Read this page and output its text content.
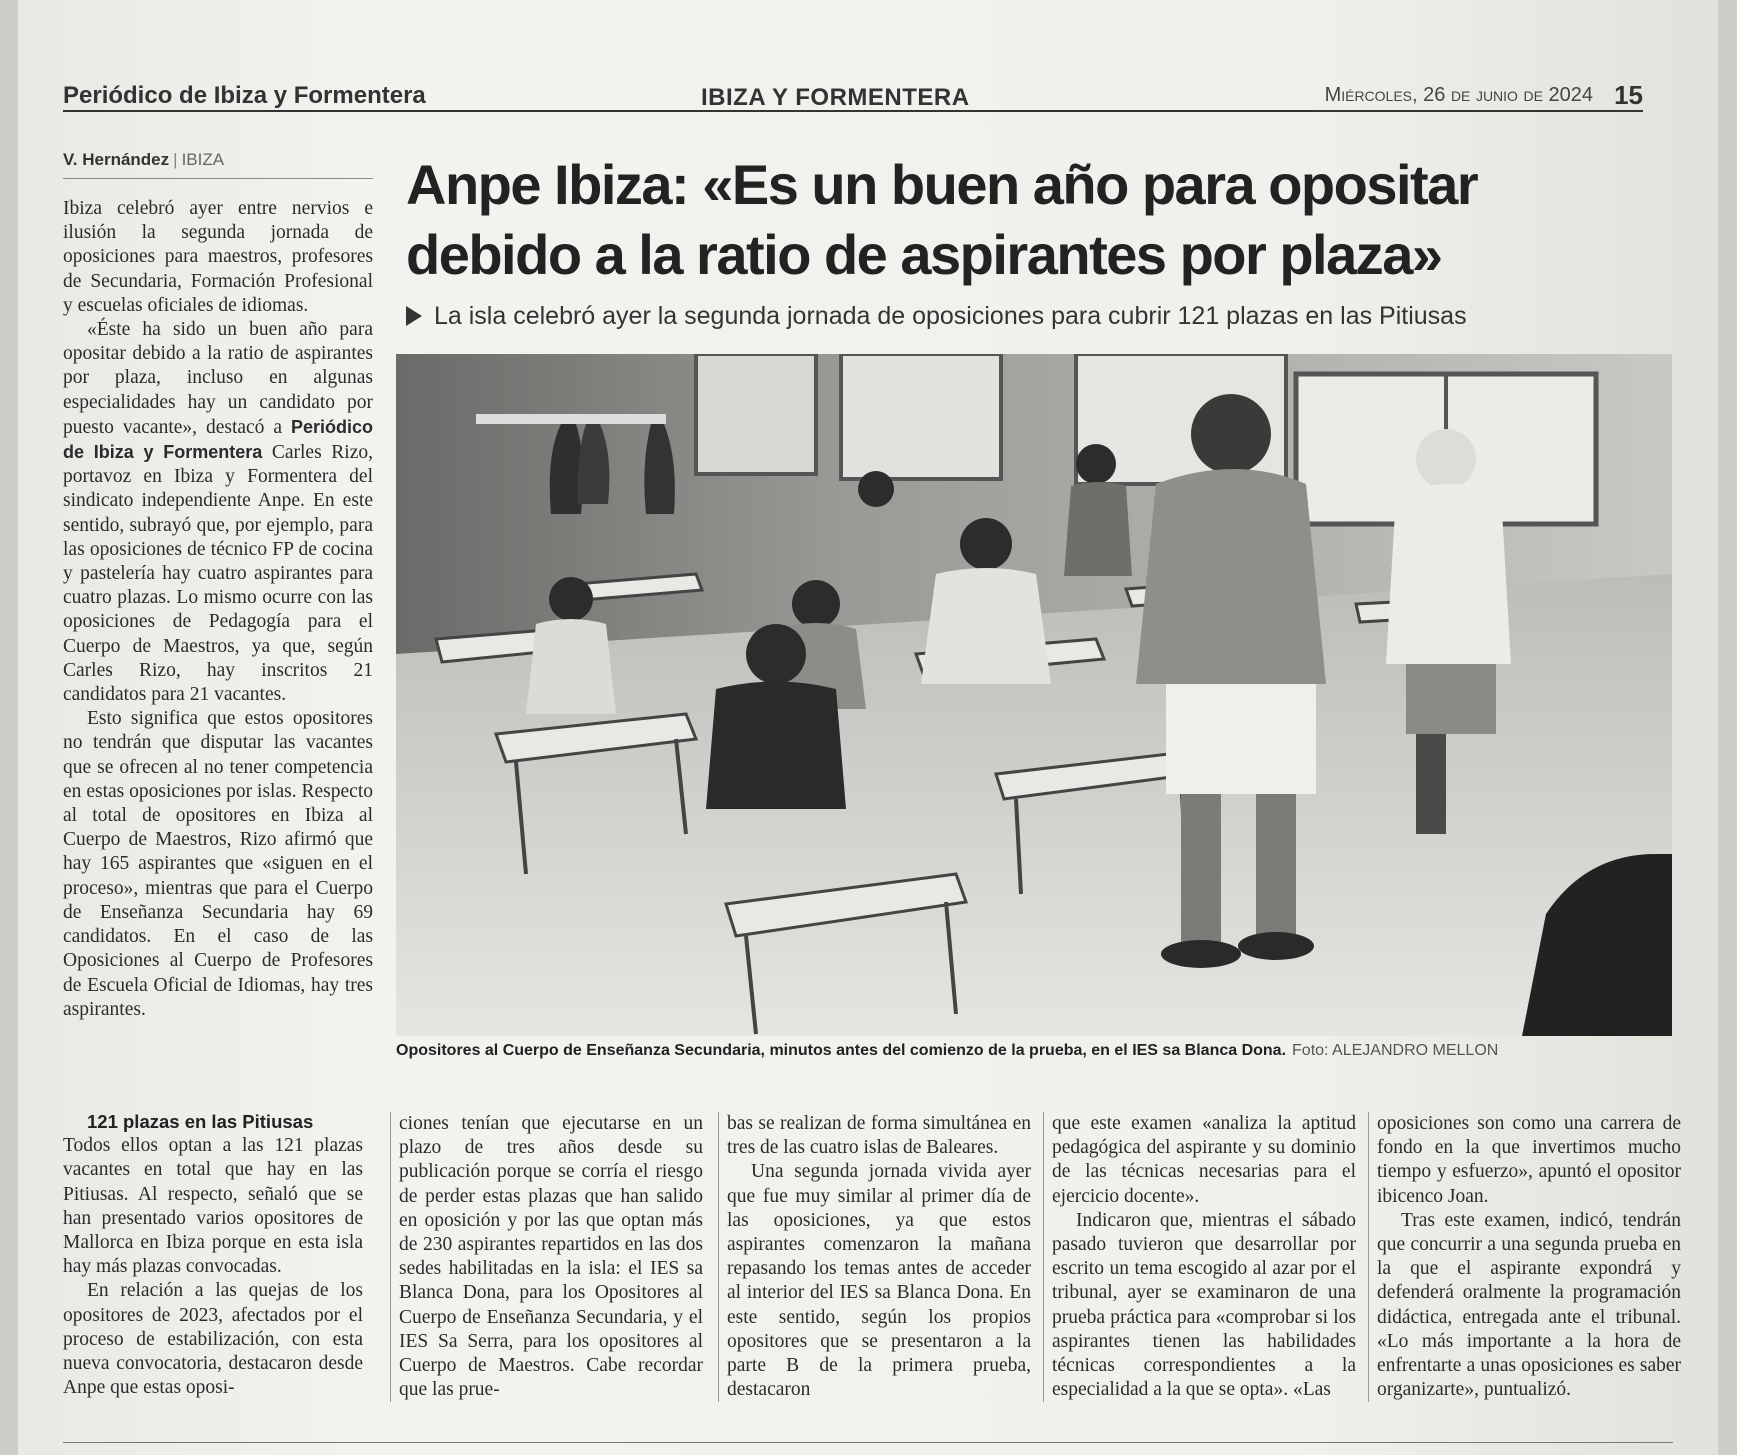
Periódico de Ibiza y Formentera	IBIZA Y FORMENTERA	Miércoles, 26 de junio de 2024 15
V. Hernández | IBIZA	Anpe Ibiza: «Es un buen año para opositar debido a la ratio de aspirantes por plaza»
La isla celebró ayer la segunda jornada de oposiciones para cubrir 121 plazas en las Pitiusas
Opositores al Cuerpo de Enseñanza Secundaria, minutos antes del comienzo de la prueba, en el IES sa Blanca Dona. Foto: ALEJANDRO MELLON

Ibiza celebró ayer entre nervios e ilusión la segunda jornada de oposiciones para maestros, profesores de Secundaria, Formación Profesional y escuelas oficiales de idiomas.

«Éste ha sido un buen año para opositar debido a la ratio de aspirantes por plaza, incluso en algunas especialidades hay un candidato por puesto vacante», destacó a Periódico de Ibiza y Formentera Carles Rizo, portavoz en Ibiza y Formentera del sindicato independiente Anpe. En este sentido, subrayó que, por ejemplo, para las oposiciones de técnico FP de cocina y pastelería hay cuatro aspirantes para cuatro plazas. Lo mismo ocurre con las oposiciones de Pedagogía para el Cuerpo de Maestros, ya que, según Carles Rizo, hay inscritos 21 candidatos para 21 vacantes.

Esto significa que estos opositores no tendrán que disputar las vacantes que se ofrecen al no tener competencia en estas oposiciones por islas. Respecto al total de opositores en Ibiza al Cuerpo de Maestros, Rizo afirmó que hay 165 aspirantes que «siguen en el proceso», mientras que para el Cuerpo de Enseñanza Secundaria hay 69 candidatos. En el caso de las Oposiciones al Cuerpo de Profesores de Escuela Oficial de Idiomas, hay tres aspirantes.

121 plazas en las Pitiusas

Todos ellos optan a las 121 plazas vacantes en total que hay en las Pitiusas. Al respecto, señaló que se han presentado varios opositores de Mallorca en Ibiza porque en esta isla hay más plazas convocadas.

En relación a las quejas de los opositores de 2023, afectados por el proceso de estabilización, con esta nueva convocatoria, destacaron desde Anpe que estas oposi-

ciones tenían que ejecutarse en un plazo de tres años desde su publicación porque se corría el riesgo de perder estas plazas que han salido en oposición y por las que optan más de 230 aspirantes repartidos en las dos sedes habilitadas en la isla: el IES sa Blanca Dona, para los Opositores al Cuerpo de Enseñanza Secundaria, y el IES Sa Serra, para los opositores al Cuerpo de Maestros. Cabe recordar que las prue-

bas se realizan de forma simultánea en tres de las cuatro islas de Baleares.

Una segunda jornada vivida ayer que fue muy similar al primer día de las oposiciones, ya que estos aspirantes comenzaron la mañana repasando los temas antes de acceder al interior del IES sa Blanca Dona. En este sentido, según los propios opositores que se presentaron a la parte B de la primera prueba, destacaron

que este examen «analiza la aptitud pedagógica del aspirante y su dominio de las técnicas necesarias para el ejercicio docente».

Indicaron que, mientras el sábado pasado tuvieron que desarrollar por escrito un tema escogido al azar por el tribunal, ayer se examinaron de una prueba práctica para «comprobar si los aspirantes tienen las habilidades técnicas correspondientes a la especialidad a la que se opta». «Las

oposiciones son como una carrera de fondo en la que invertimos mucho tiempo y esfuerzo», apuntó el opositor ibicenco Joan.

Tras este examen, indicó, tendrán que concurrir a una segunda prueba en la que el aspirante expondrá y defenderá oralmente la programación didáctica, entregada ante el tribunal. «Lo más importante a la hora de enfrentarte a unas oposiciones es saber organizarte», puntualizó.
